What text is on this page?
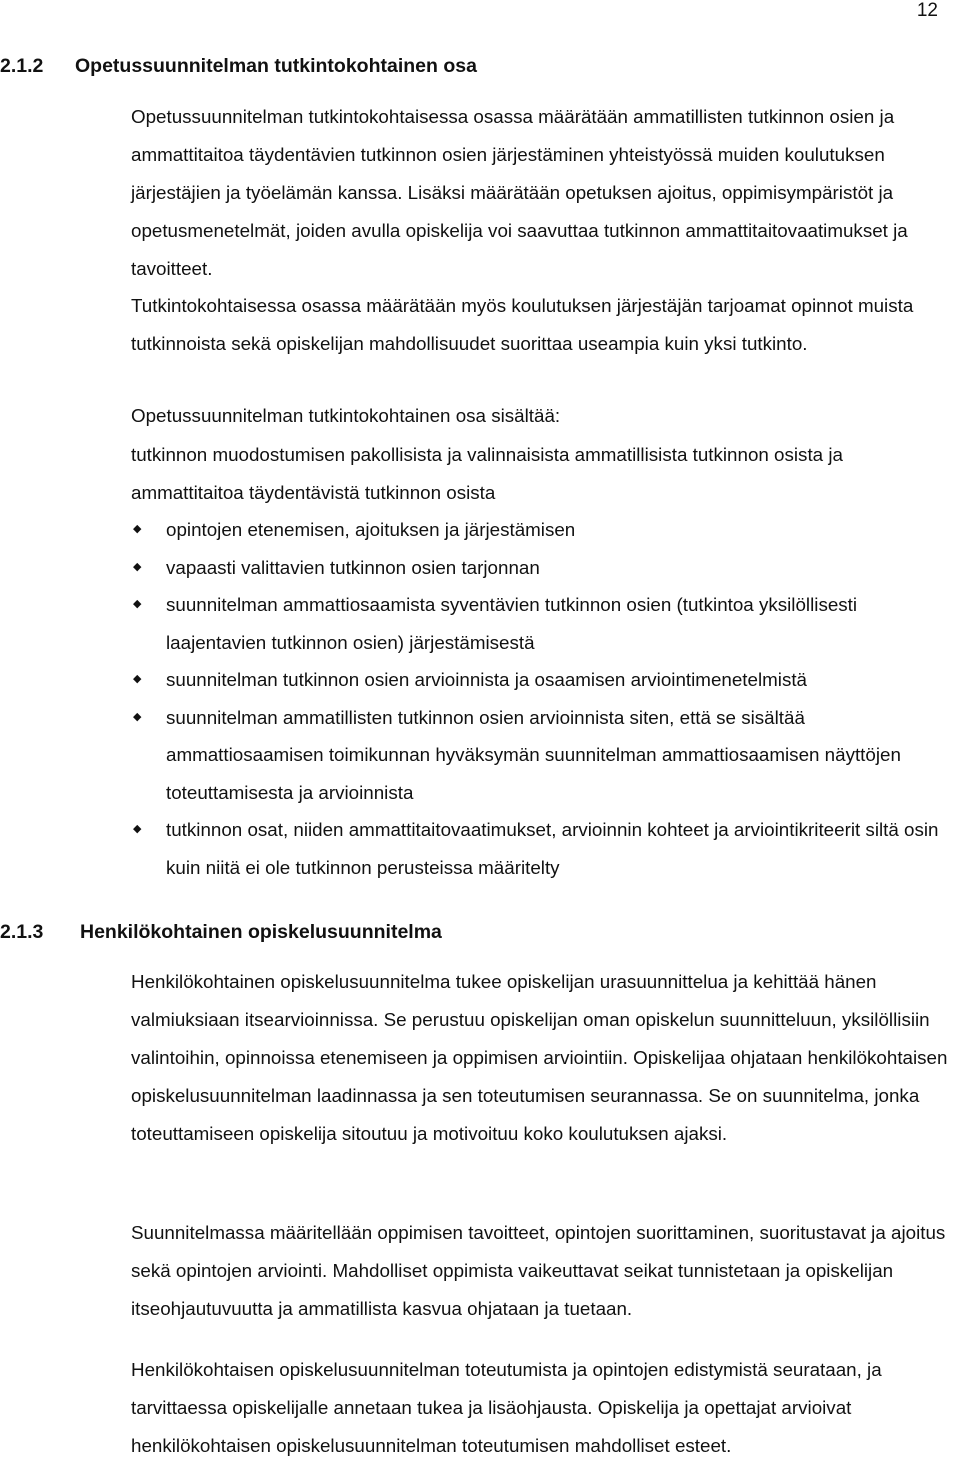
12
2.1.2 Opetussuunnitelman tutkintokohtainen osa

Opetussuunnitelman tutkintokohtaisessa osassa määrätään ammatillisten tutkinnon osien ja ammattitaitoa täydentävien tutkinnon osien järjestäminen yhteistyössä muiden koulutuksen järjestäjien ja työelämän kanssa. Lisäksi määrätään opetuksen ajoitus, oppimisympäristöt ja opetusmenetelmät, joiden avulla opiskelija voi saavuttaa tutkinnon ammattitaitovaatimukset ja tavoitteet.

Tutkintokohtaisessa osassa määrätään myös koulutuksen järjestäjän tarjoamat opinnot muista tutkinnoista sekä opiskelijan mahdollisuudet suorittaa useampia kuin yksi tutkinto.

Opetussuunnitelman tutkintokohtainen osa sisältää:

tutkinnon muodostumisen pakollisista ja valinnaisista ammatillisista tutkinnon osista ja ammattitaitoa täydentävistä tutkinnon osista

◆ opintojen etenemisen, ajoituksen ja järjestämisen
◆ vapaasti valittavien tutkinnon osien tarjonnan
◆ suunnitelman ammattiosaamista syventävien tutkinnon osien (tutkintoa yksilöllisesti laajentavien tutkinnon osien) järjestämisestä
◆ suunnitelman tutkinnon osien arvioinnista ja osaamisen arviointimenetelmistä
◆ suunnitelman ammatillisten tutkinnon osien arvioinnista siten, että se sisältää ammattiosaamisen toimikunnan hyväksymän suunnitelman ammattiosaamisen näyttöjen toteuttamisesta ja arvioinnista
◆ tutkinnon osat, niiden ammattitaitovaatimukset, arvioinnin kohteet ja arviointikriteerit siltä osin kuin niitä ei ole tutkinnon perusteissa määritelty
2.1.3 Henkilökohtainen opiskelusuunnitelma

Henkilökohtainen opiskelusuunnitelma tukee opiskelijan urasuunnittelua ja kehittää hänen valmiuksiaan itsearvioinnissa. Se perustuu opiskelijan oman opiskelun suunnitteluun, yksilöllisiin valintoihin, opinnoissa etenemiseen ja oppimisen arviointiin. Opiskelijaa ohjataan henkilökohtaisen opiskelusuunnitelman laadinnassa ja sen toteutumisen seurannassa. Se on suunnitelma, jonka toteuttamiseen opiskelija sitoutuu ja motivoituu koko koulutuksen ajaksi.

Suunnitelmassa määritellään oppimisen tavoitteet, opintojen suorittaminen, suoritustavat ja ajoitus sekä opintojen arviointi. Mahdolliset oppimista vaikeuttavat seikat tunnistetaan ja opiskelijan itseohjautuvuutta ja ammatillista kasvua ohjataan ja tuetaan.

Henkilökohtaisen opiskelusuunnitelman toteutumista ja opintojen edistymistä seurataan, ja tarvittaessa opiskelijalle annetaan tukea ja lisäohjausta. Opiskelija ja opettajat arvioivat henkilökohtaisen opiskelusuunnitelman toteutumisen mahdolliset esteet.
